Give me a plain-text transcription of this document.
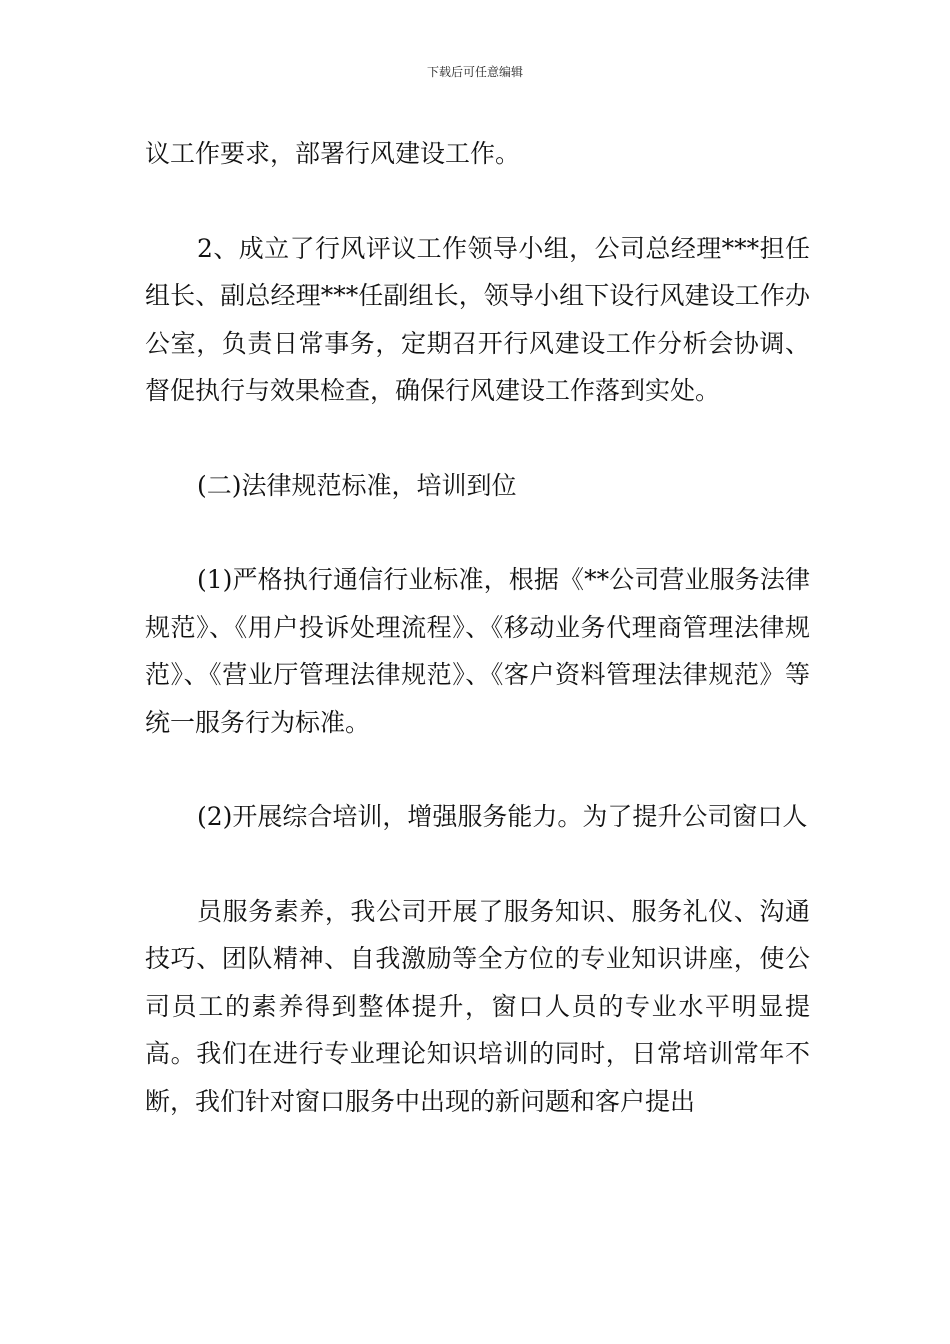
下载后可任意编辑

议工作要求，部署行风建设工作。

2、成立了行风评议工作领导小组，公司总经理***担任组长、副总经理***任副组长，领导小组下设行风建设工作办公室，负责日常事务，定期召开行风建设工作分析会协调、督促执行与效果检查，确保行风建设工作落到实处。

(二)法律规范标准，培训到位

(1)严格执行通信行业标准，根据《**公司营业服务法律规范》、《用户投诉处理流程》、《移动业务代理商管理法律规范》、《营业厅管理法律规范》、《客户资料管理法律规范》等统一服务行为标准。

(2)开展综合培训，增强服务能力。为了提升公司窗口人

员服务素养，我公司开展了服务知识、服务礼仪、沟通技巧、团队精神、自我激励等全方位的专业知识讲座，使公司员工的素养得到整体提升，窗口人员的专业水平明显提高。我们在进行专业理论知识培训的同时，日常培训常年不断，我们针对窗口服务中出现的新问题和客户提出
